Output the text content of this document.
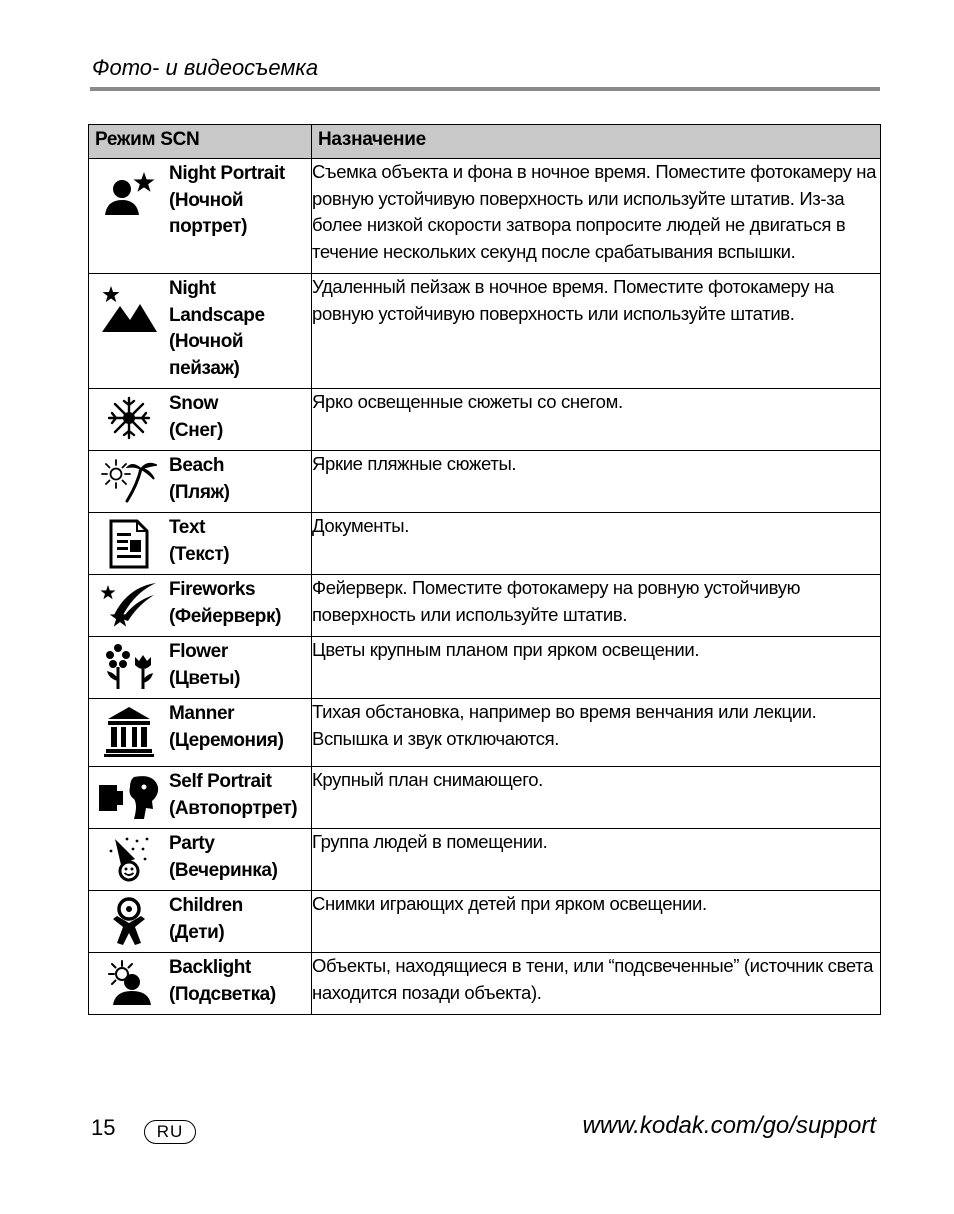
Фото- и видеосъемка
Режим SCN	Назначение

Night Portrait
(Ночной портрет)	Съемка объекта и фона в ночное время. Поместите фотокамеру на ровную устойчивую поверхность или используйте штатив. Из-за более низкой скорости затвора попросите людей не двигаться в течение нескольких секунд после срабатывания вспышки.

Night Landscape
(Ночной пейзаж)	Удаленный пейзаж в ночное время. Поместите фотокамеру на ровную устойчивую поверхность или используйте штатив.

Snow
(Снег)	Ярко освещенные сюжеты со снегом.

Beach
(Пляж)	Яркие пляжные сюжеты.

Text
(Текст)	Документы.

Fireworks
(Фейерверк)	Фейерверк. Поместите фотокамеру на ровную устойчивую поверхность или используйте штатив.

Flower
(Цветы)	Цветы крупным планом при ярком освещении.

Manner
(Церемония)	Тихая обстановка, например во время венчания или лекции. Вспышка и звук отключаются.

Self Portrait
(Автопортрет)	Крупный план снимающего.

Party
(Вечеринка)	Группа людей в помещении.

Children
(Дети)	Снимки играющих детей при ярком освещении.

Backlight
(Подсветка)	Объекты, находящиеся в тени, или “подсвеченные” (источник света находится позади объекта).
15	RU	www.kodak.com/go/support
